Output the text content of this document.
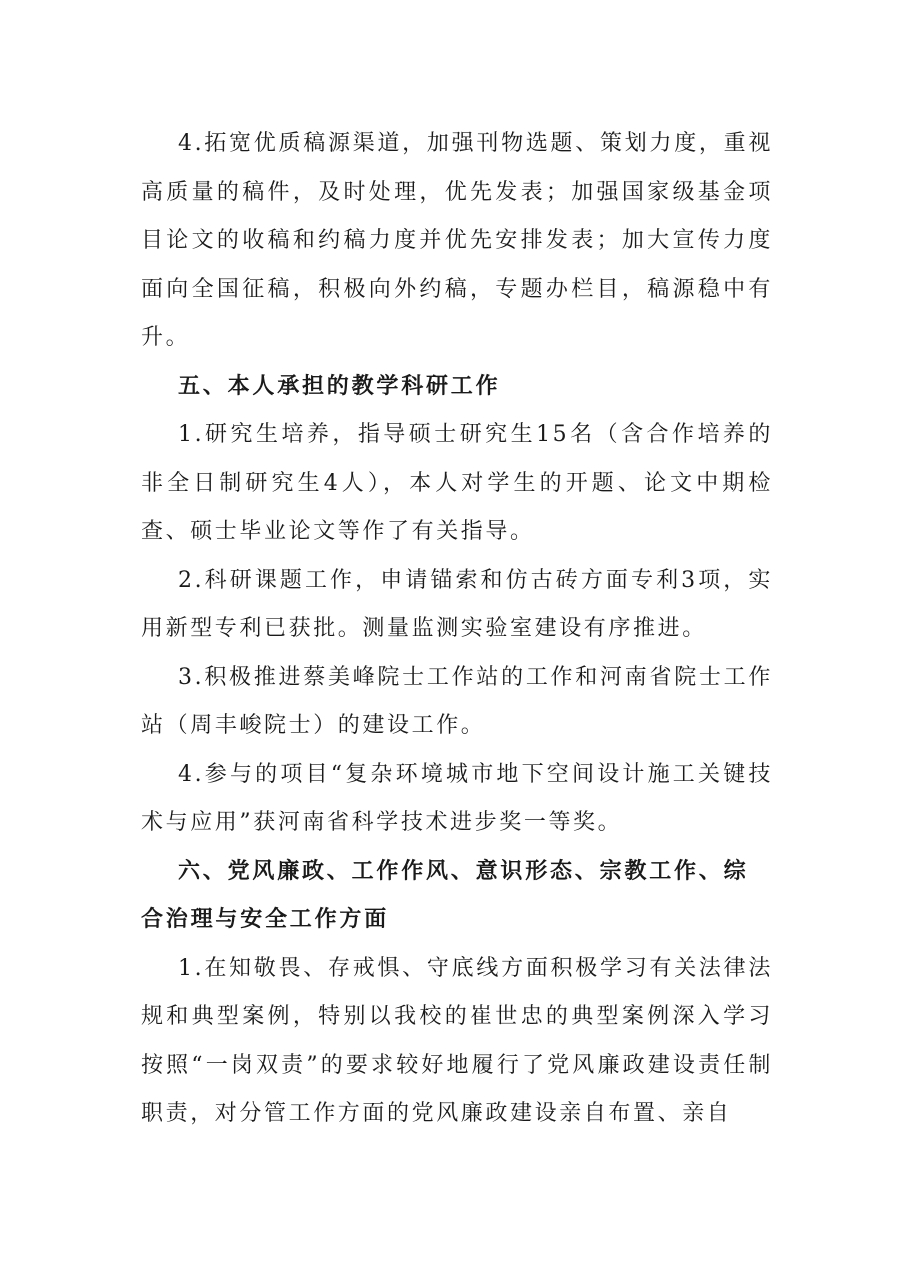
4.拓宽优质稿源渠道，加强刊物选题、策划力度，重视高质量的稿件，及时处理，优先发表；加强国家级基金项目论文的收稿和约稿力度并优先安排发表；加大宣传力度面向全国征稿，积极向外约稿，专题办栏目，稿源稳中有升。

五、本人承担的教学科研工作

1.研究生培养，指导硕士研究生15名（含合作培养的非全日制研究生4人），本人对学生的开题、论文中期检查、硕士毕业论文等作了有关指导。

2.科研课题工作，申请锚索和仿古砖方面专利3项，实用新型专利已获批。测量监测实验室建设有序推进。

3.积极推进蔡美峰院士工作站的工作和河南省院士工作站（周丰峻院士）的建设工作。

4.参与的项目“复杂环境城市地下空间设计施工关键技术与应用”获河南省科学技术进步奖一等奖。

六、党风廉政、工作作风、意识形态、宗教工作、综合治理与安全工作方面

1.在知敬畏、存戒惧、守底线方面积极学习有关法律法规和典型案例，特别以我校的崔世忠的典型案例深入学习按照“一岗双责”的要求较好地履行了党风廉政建设责任制职责，对分管工作方面的党风廉政建设亲自布置、亲自
